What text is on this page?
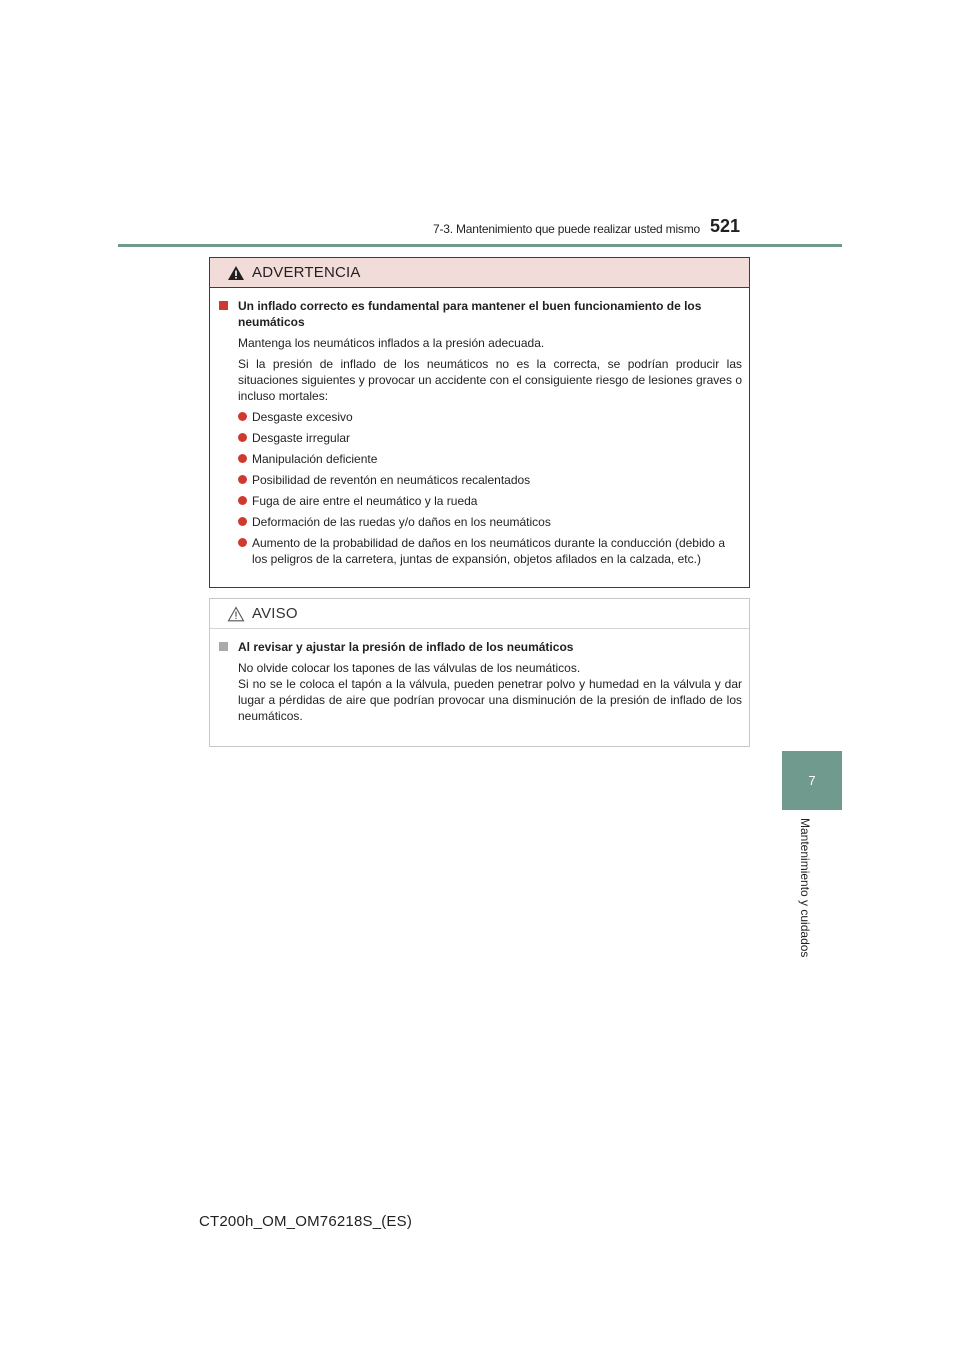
7-3. Mantenimiento que puede realizar usted mismo 521
7
Mantenimiento y cuidados
ADVERTENCIA
Un inflado correcto es fundamental para mantener el buen funcionamiento de los neumáticos

Mantenga los neumáticos inflados a la presión adecuada.

Si la presión de inflado de los neumáticos no es la correcta, se podrían producir las situaciones siguientes y provocar un accidente con el consiguiente riesgo de lesiones graves o incluso mortales:

Desgaste excesivo
Desgaste irregular
Manipulación deficiente
Posibilidad de reventón en neumáticos recalentados
Fuga de aire entre el neumático y la rueda
Deformación de las ruedas y/o daños en los neumáticos
Aumento de la probabilidad de daños en los neumáticos durante la conducción (debido a los peligros de la carretera, juntas de expansión, objetos afilados en la calzada, etc.)
AVISO
Al revisar y ajustar la presión de inflado de los neumáticos

No olvide colocar los tapones de las válvulas de los neumáticos.

Si no se le coloca el tapón a la válvula, pueden penetrar polvo y humedad en la válvula y dar lugar a pérdidas de aire que podrían provocar una disminución de la presión de inflado de los neumáticos.

CT200h_OM_OM76218S_(ES)
